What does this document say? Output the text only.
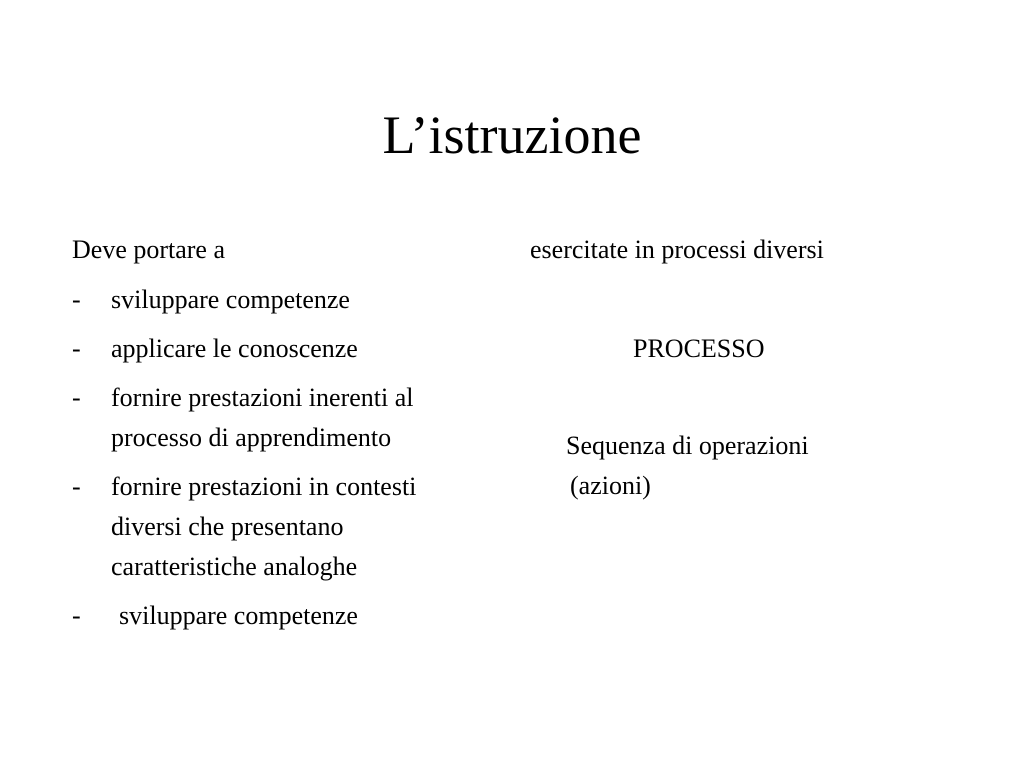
L’istruzione

Deve portare a

-	sviluppare competenze
-	applicare le conoscenze
-	fornire prestazioni inerenti al processo di apprendimento
-	fornire prestazioni in contesti diversi che presentano caratteristiche analoghe
-	sviluppare competenze

esercitate in processi diversi

PROCESSO

Sequenza di operazioni
(azioni)
